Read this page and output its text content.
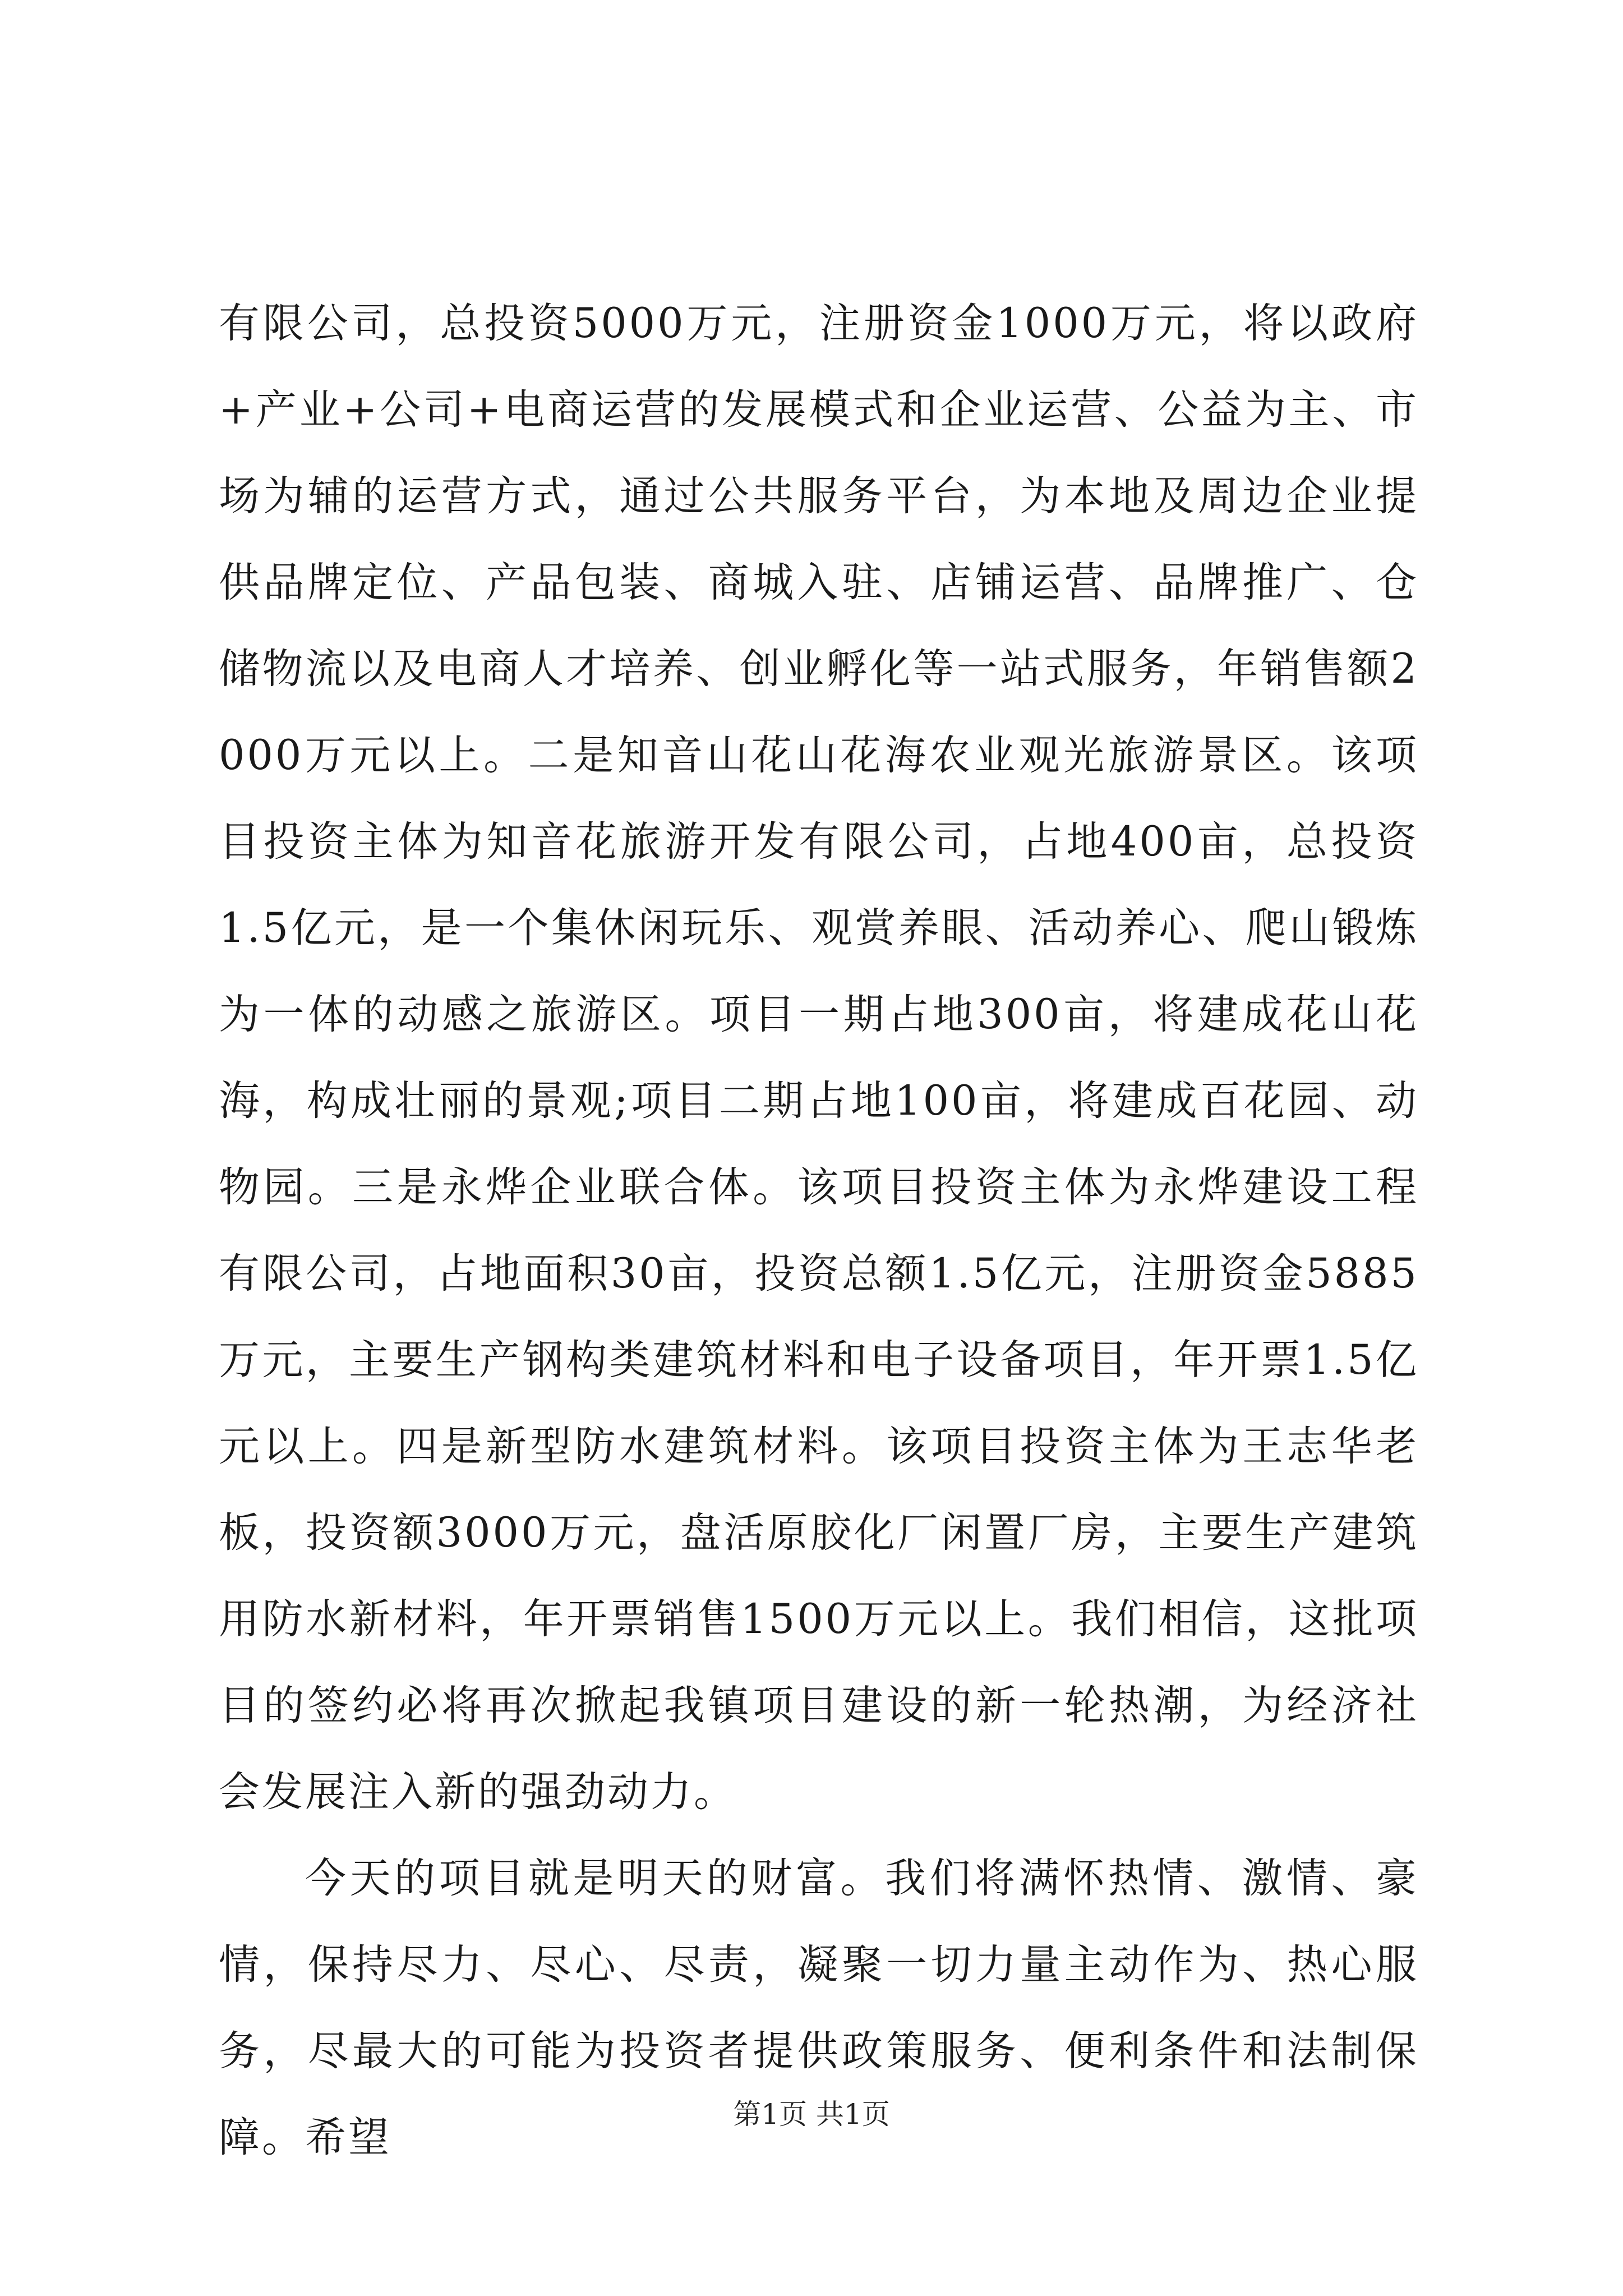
有限公司，总投资5000万元，注册资金1000万元，将以政府+产业+公司+电商运营的发展模式和企业运营、公益为主、市场为辅的运营方式，通过公共服务平台，为本地及周边企业提供品牌定位、产品包装、商城入驻、店铺运营、品牌推广、仓储物流以及电商人才培养、创业孵化等一站式服务，年销售额2000万元以上。二是知音山花山花海农业观光旅游景区。该项目投资主体为知音花旅游开发有限公司，占地400亩，总投资1.5亿元，是一个集休闲玩乐、观赏养眼、活动养心、爬山锻炼为一体的动感之旅游区。项目一期占地300亩，将建成花山花海，构成壮丽的景观;项目二期占地100亩，将建成百花园、动物园。三是永烨企业联合体。该项目投资主体为永烨建设工程有限公司，占地面积30亩，投资总额1.5亿元，注册资金5885万元，主要生产钢构类建筑材料和电子设备项目，年开票1.5亿元以上。四是新型防水建筑材料。该项目投资主体为王志华老板，投资额3000万元，盘活原胶化厂闲置厂房，主要生产建筑用防水新材料，年开票销售1500万元以上。我们相信，这批项目的签约必将再次掀起我镇项目建设的新一轮热潮，为经济社会发展注入新的强劲动力。

今天的项目就是明天的财富。我们将满怀热情、激情、豪情，保持尽力、尽心、尽责，凝聚一切力量主动作为、热心服务，尽最大的可能为投资者提供政策服务、便利条件和法制保障。希望	第1页 共1页
